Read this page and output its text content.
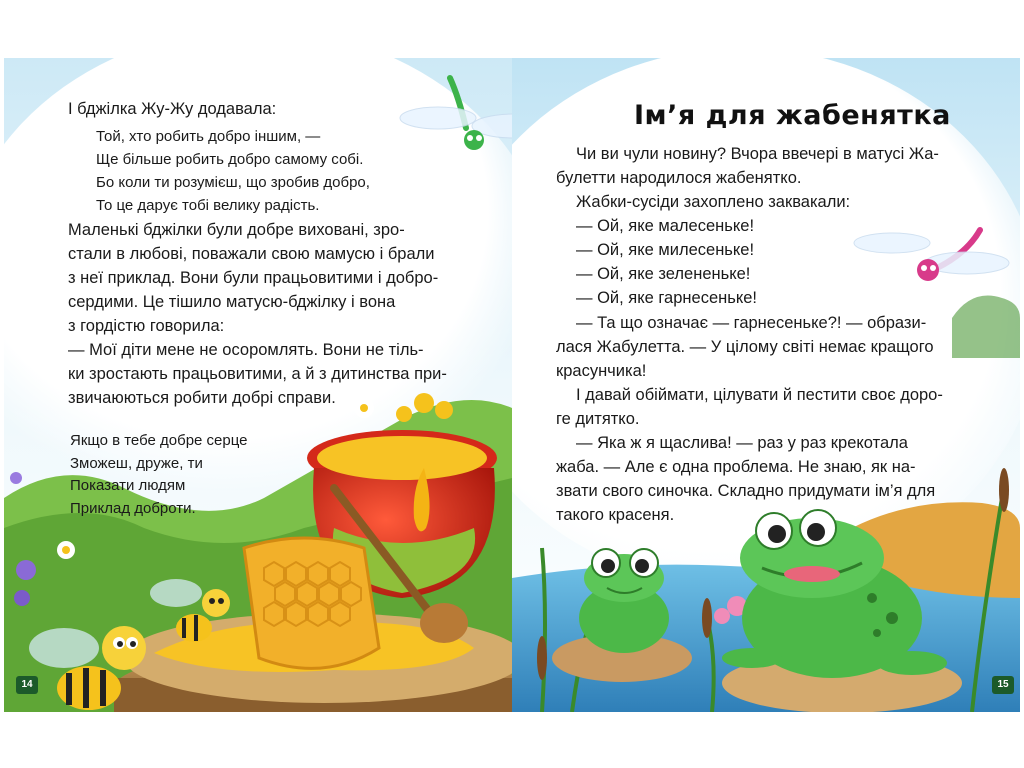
І бджілка Жу-Жу додавала:
Той, хто робить добро іншим, —
Ще більше робить добро самому собі.
Бо коли ти розумієш, що зробив добро,
То це дарує тобі велику радість.
Маленькі бджілки були добре виховані, зро-
стали в любові, поважали свою мамусю і брали
з неї приклад. Вони були працьовитими і добро-
сердими. Це тішило матусю-бджілку і вона
з гордістю говорила:
— Мої діти мене не осоромлять. Вони не тіль-
ки зростають працьовитими, а й з дитинства при-
звичаюються робити добрі справи.
Якщо в тебе добре серце
Зможеш, друже, ти
Показати людям
Приклад доброти.
14
Ім’я для жабенятка
Чи ви чули новину? Вчора ввечері в матусі Жа-
булетти народилося жабенятко.
Жабки-сусіди захоплено заквакали:
— Ой, яке малесеньке!
— Ой, яке милесеньке!
— Ой, яке зелененьке!
— Ой, яке гарнесеньке!
— Та що означає — гарнесеньке?! — образи-
лася Жабулетта. — У цілому світі немає кращого
красунчика!
І давай обіймати, цілувати й пестити своє доро-
ге дитятко.
— Яка ж я щаслива! — раз у раз крекотала
жаба. — Але є одна проблема. Не знаю, як на-
звати свого синочка. Складно придумати ім’я для
такого красеня.
15
